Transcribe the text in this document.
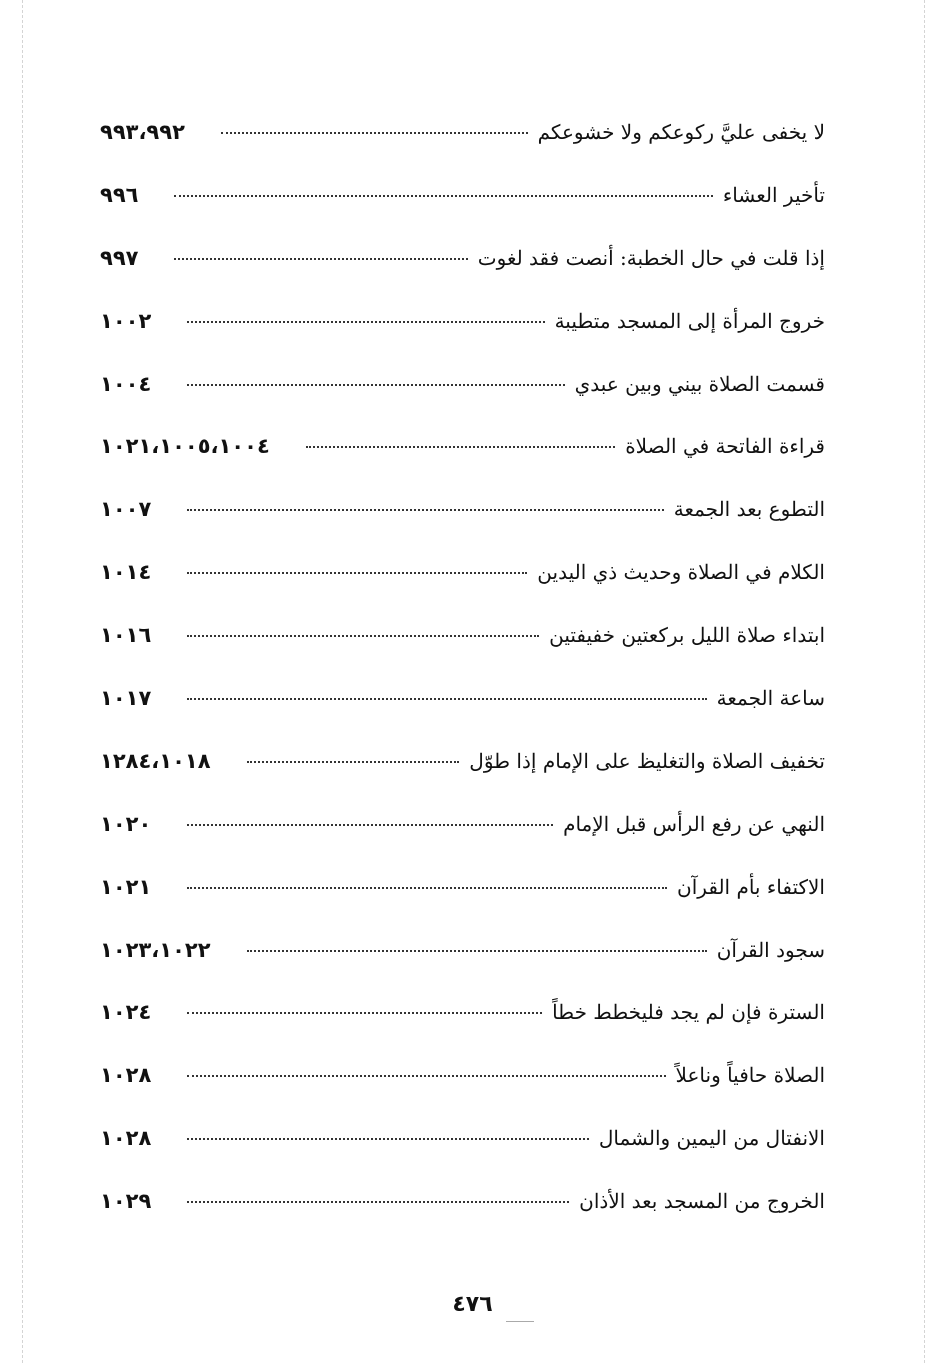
لا يخفى عليَّ ركوعكم ولا خشوعكم
٩٩٣،٩٩٢
تأخير العشاء
٩٩٦
إذا قلت في حال الخطبة: أنصت فقد لغوت
٩٩٧
خروج المرأة إلى المسجد متطيبة
١٠٠٢
قسمت الصلاة بيني وبين عبدي
١٠٠٤
قراءة الفاتحة في الصلاة
١٠٢١،١٠٠٥،١٠٠٤
التطوع بعد الجمعة
١٠٠٧
الكلام في الصلاة وحديث ذي اليدين
١٠١٤
ابتداء صلاة الليل بركعتين خفيفتين
١٠١٦
ساعة الجمعة
١٠١٧
تخفيف الصلاة والتغليظ على الإمام إذا طوّل
١٢٨٤،١٠١٨
النهي عن رفع الرأس قبل الإمام
١٠٢٠
الاكتفاء بأم القرآن
١٠٢١
سجود القرآن
١٠٢٣،١٠٢٢
السترة فإن لم يجد فليخطط خطاً
١٠٢٤
الصلاة حافياً وناعلاً
١٠٢٨
الانفتال من اليمين والشمال
١٠٢٨
الخروج من المسجد بعد الأذان
١٠٢٩
٤٧٦
